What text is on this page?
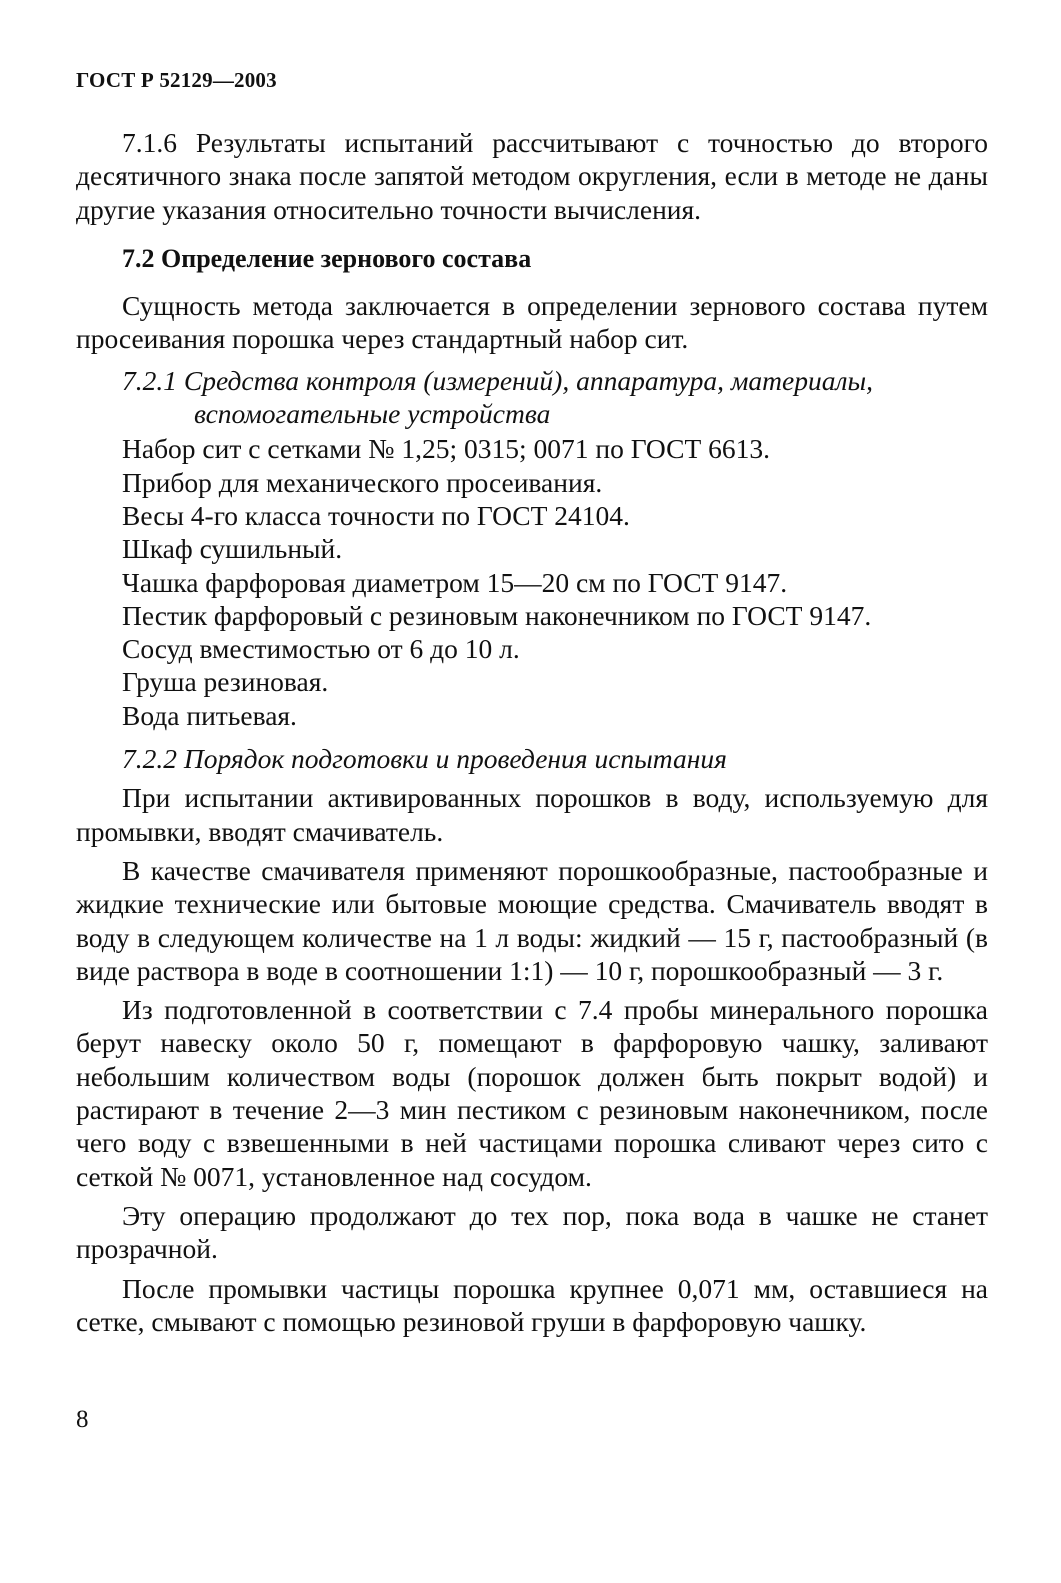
ГОСТ Р 52129—2003

7.1.6 Результаты испытаний рассчитывают с точностью до второго десятичного знака после запятой методом округления, если в методе не даны другие указания относительно точности вычисления.

7.2 Определение зернового состава

Сущность метода заключается в определении зернового состава путем просеивания порошка через стандартный набор сит.

7.2.1 Средства контроля (измерений), аппаратура, материалы,
вспомогательные устройства

Набор сит с сетками № 1,25; 0315; 0071 по ГОСТ 6613.

Прибор для механического просеивания.

Весы 4-го класса точности по ГОСТ 24104.

Шкаф сушильный.

Чашка фарфоровая диаметром 15—20 см по ГОСТ 9147.

Пестик фарфоровый с резиновым наконечником по ГОСТ 9147.

Сосуд вместимостью от 6 до 10 л.

Груша резиновая.

Вода питьевая.

7.2.2 Порядок подготовки и проведения испытания

При испытании активированных порошков в воду, используемую для промывки, вводят смачиватель.

В качестве смачивателя применяют порошкообразные, пастообразные и жидкие технические или бытовые моющие средства. Смачиватель вводят в воду в следующем количестве на 1 л воды: жидкий — 15 г, пастообразный (в виде раствора в воде в соотношении 1:1) — 10 г, порошкообразный — 3 г.

Из подготовленной в соответствии с 7.4 пробы минерального порошка берут навеску около 50 г, помещают в фарфоровую чашку, заливают небольшим количеством воды (порошок должен быть покрыт водой) и растирают в течение 2—3 мин пестиком с резиновым наконечником, после чего воду с взвешенными в ней частицами порошка сливают через сито с сеткой № 0071, установленное над сосудом.

Эту операцию продолжают до тех пор, пока вода в чашке не станет прозрачной.

После промывки частицы порошка крупнее 0,071 мм, оставшиеся на сетке, смывают с помощью резиновой груши в фарфоровую чашку.

8
